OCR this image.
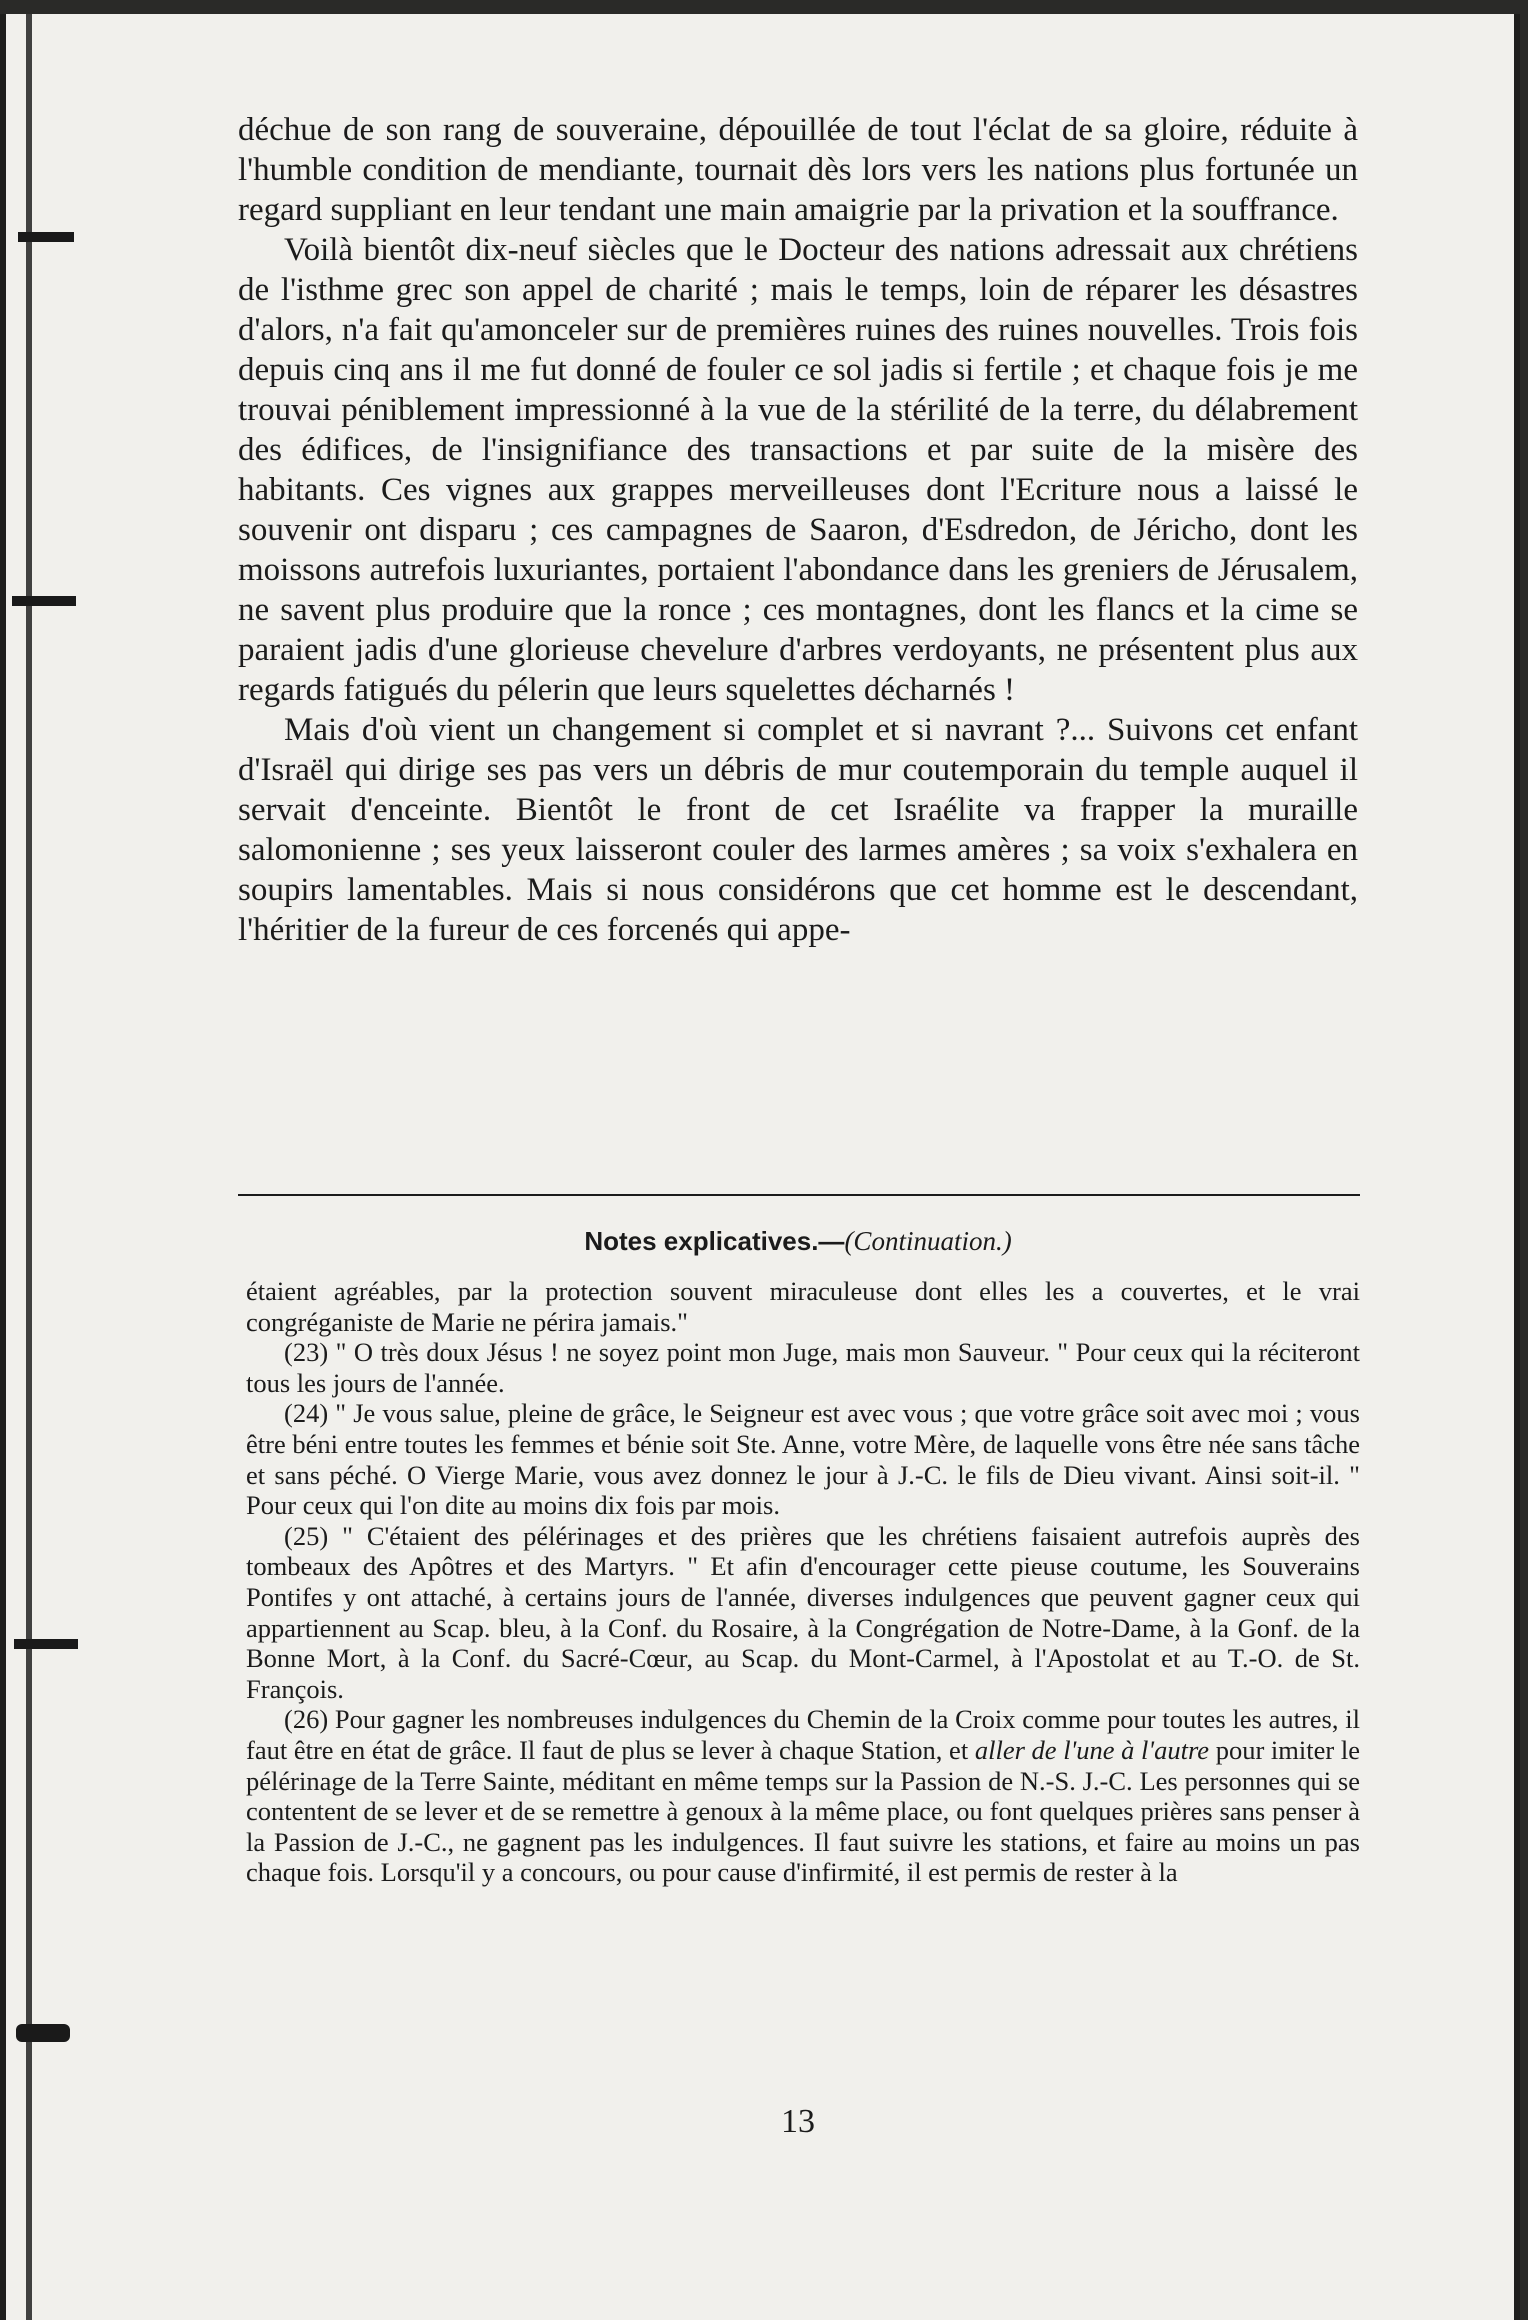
déchue de son rang de souveraine, dépouillée de tout l'éclat de sa gloire, réduite à l'humble condition de mendiante, tournait dès lors vers les nations plus fortunée un regard suppliant en leur tendant une main amaigrie par la privation et la souffrance.

Voilà bientôt dix-neuf siècles que le Docteur des nations adressait aux chrétiens de l'isthme grec son appel de charité ; mais le temps, loin de réparer les désastres d'alors, n'a fait qu'amonceler sur de premières ruines des ruines nouvelles. Trois fois depuis cinq ans il me fut donné de fouler ce sol jadis si fertile ; et chaque fois je me trouvai péniblement impressionné à la vue de la stérilité de la terre, du délabrement des édifices, de l'insignifiance des transactions et par suite de la misère des habitants. Ces vignes aux grappes merveilleuses dont l'Ecriture nous a laissé le souvenir ont disparu ; ces campagnes de Saaron, d'Esdredon, de Jéricho, dont les moissons autrefois luxuriantes, portaient l'abondance dans les greniers de Jérusalem, ne savent plus produire que la ronce ; ces montagnes, dont les flancs et la cime se paraient jadis d'une glorieuse chevelure d'arbres verdoyants, ne présentent plus aux regards fatigués du pélerin que leurs squelettes décharnés !

Mais d'où vient un changement si complet et si navrant ?... Suivons cet enfant d'Israël qui dirige ses pas vers un débris de mur coutemporain du temple auquel il servait d'enceinte. Bientôt le front de cet Israélite va frapper la muraille salomonienne ; ses yeux laisseront couler des larmes amères ; sa voix s'exhalera en soupirs lamentables. Mais si nous considérons que cet homme est le descendant, l'héritier de la fureur de ces forcenés qui appe-

Notes explicatives.—(Continuation.)

étaient agréables, par la protection souvent miraculeuse dont elles les a couvertes, et le vrai congréganiste de Marie ne périra jamais."

(23) " O très doux Jésus ! ne soyez point mon Juge, mais mon Sauveur. " Pour ceux qui la réciteront tous les jours de l'année.

(24) " Je vous salue, pleine de grâce, le Seigneur est avec vous ; que votre grâce soit avec moi ; vous être béni entre toutes les femmes et bénie soit Ste. Anne, votre Mère, de laquelle vons être née sans tâche et sans péché. O Vierge Marie, vous avez donnez le jour à J.-C. le fils de Dieu vivant. Ainsi soit-il. " Pour ceux qui l'on dite au moins dix fois par mois.

(25) " C'étaient des pélérinages et des prières que les chrétiens faisaient autrefois auprès des tombeaux des Apôtres et des Martyrs. " Et afin d'encourager cette pieuse coutume, les Souverains Pontifes y ont attaché, à certains jours de l'année, diverses indulgences que peuvent gagner ceux qui appartiennent au Scap. bleu, à la Conf. du Rosaire, à la Congrégation de Notre-Dame, à la Gonf. de la Bonne Mort, à la Conf. du Sacré-Cœur, au Scap. du Mont-Carmel, à l'Apostolat et au T.-O. de St. François.

(26) Pour gagner les nombreuses indulgences du Chemin de la Croix comme pour toutes les autres, il faut être en état de grâce. Il faut de plus se lever à chaque Station, et aller de l'une à l'autre pour imiter le pélérinage de la Terre Sainte, méditant en même temps sur la Passion de N.-S. J.-C. Les personnes qui se contentent de se lever et de se remettre à genoux à la même place, ou font quelques prières sans penser à la Passion de J.-C., ne gagnent pas les indulgences. Il faut suivre les stations, et faire au moins un pas chaque fois. Lorsqu'il y a concours, ou pour cause d'infirmité, il est permis de rester à la

13
